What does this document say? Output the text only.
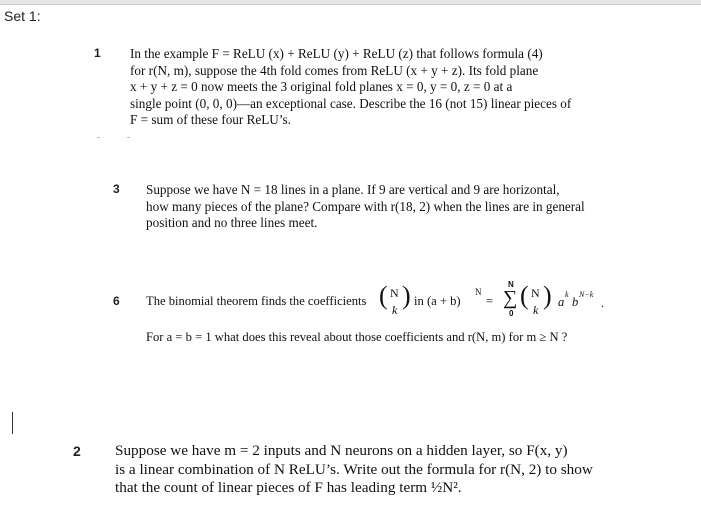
Set 1:
1 In the example F = ReLU (x) + ReLU (y) + ReLU (z) that follows formula (4)
for r(N, m), suppose the 4th fold comes from ReLU (x + y + z). Its fold plane
x + y + z = 0 now meets the 3 original fold planes x = 0, y = 0, z = 0 at a
single point (0, 0, 0)—an exceptional case. Describe the 16 (not 15) linear pieces of
F = sum of these four ReLU’s.
3 Suppose we have N = 18 lines in a plane. If 9 are vertical and 9 are horizontal,
how many pieces of the plane? Compare with r(18, 2) when the lines are in general
position and no three lines meet.
6 The binomial theorem finds the coefficients ( N
k ) in (a + b)
N
=
N
∑
0
( N
k ) a
k
b
N−k
.
For a = b = 1 what does this reveal about those coefficients and r(N, m) for m ≥ N ?
2 Suppose we have m = 2 inputs and N neurons on a hidden layer, so F(x, y)
is a linear combination of N ReLU’s. Write out the formula for r(N, 2) to show
that the count of linear pieces of F has leading term ½N².
